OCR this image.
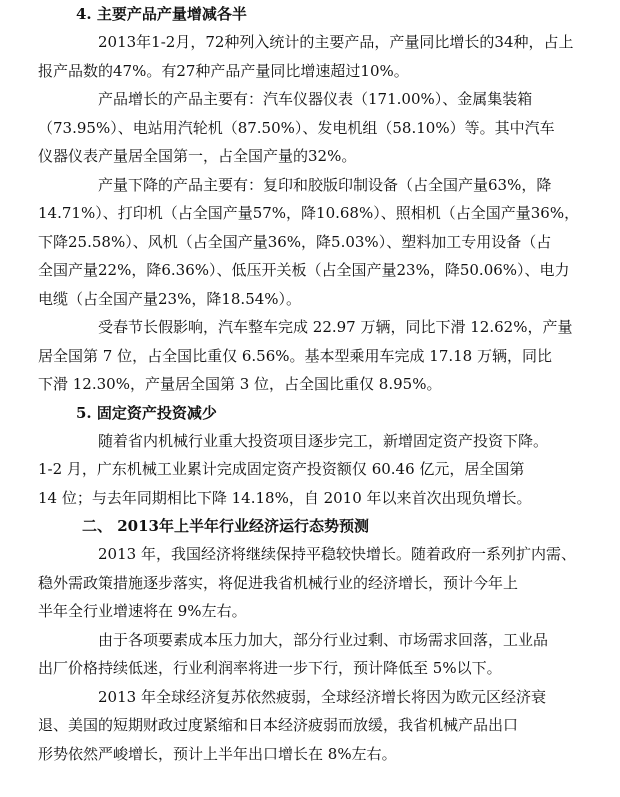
4. 主要产品产量增减各半

2013年1-2月，72种列入统计的主要产品，产量同比增长的34种，占上
报产品数的47%。有27种产品产量同比增速超过10%。

产品增长的产品主要有：汽车仪器仪表（171.00%）、金属集装箱
（73.95%）、电站用汽轮机（87.50%）、发电机组（58.10%）等。其中汽车
仪器仪表产量居全国第一，占全国产量的32%。

产量下降的产品主要有：复印和胶版印制设备（占全国产量63%，降
14.71%）、打印机（占全国产量57%，降10.68%）、照相机（占全国产量36%，
下降25.58%）、风机（占全国产量36%，降5.03%）、塑料加工专用设备（占
全国产量22%，降6.36%）、低压开关板（占全国产量23%，降50.06%）、电力
电缆（占全国产量23%，降18.54%）。

受春节长假影响，汽车整车完成 22.97 万辆，同比下滑 12.62%，产量
居全国第 7 位，占全国比重仅 6.56%。基本型乘用车完成 17.18 万辆，同比
下滑 12.30%，产量居全国第 3 位，占全国比重仅 8.95%。

5. 固定资产投资减少

随着省内机械行业重大投资项目逐步完工，新增固定资产投资下降。
1-2 月，广东机械工业累计完成固定资产投资额仅 60.46 亿元，居全国第
14 位；与去年同期相比下降 14.18%，自 2010 年以来首次出现负增长。

二、 2013年上半年行业经济运行态势预测

2013 年，我国经济将继续保持平稳较快增长。随着政府一系列扩内需、
稳外需政策措施逐步落实，将促进我省机械行业的经济增长，预计今年上
半年全行业增速将在 9%左右。

由于各项要素成本压力加大，部分行业过剩、市场需求回落，工业品
出厂价格持续低迷，行业利润率将进一步下行，预计降低至 5%以下。

2013 年全球经济复苏依然疲弱，全球经济增长将因为欧元区经济衰
退、美国的短期财政过度紧缩和日本经济疲弱而放缓，我省机械产品出口
形势依然严峻增长，预计上半年出口增长在 8%左右。
